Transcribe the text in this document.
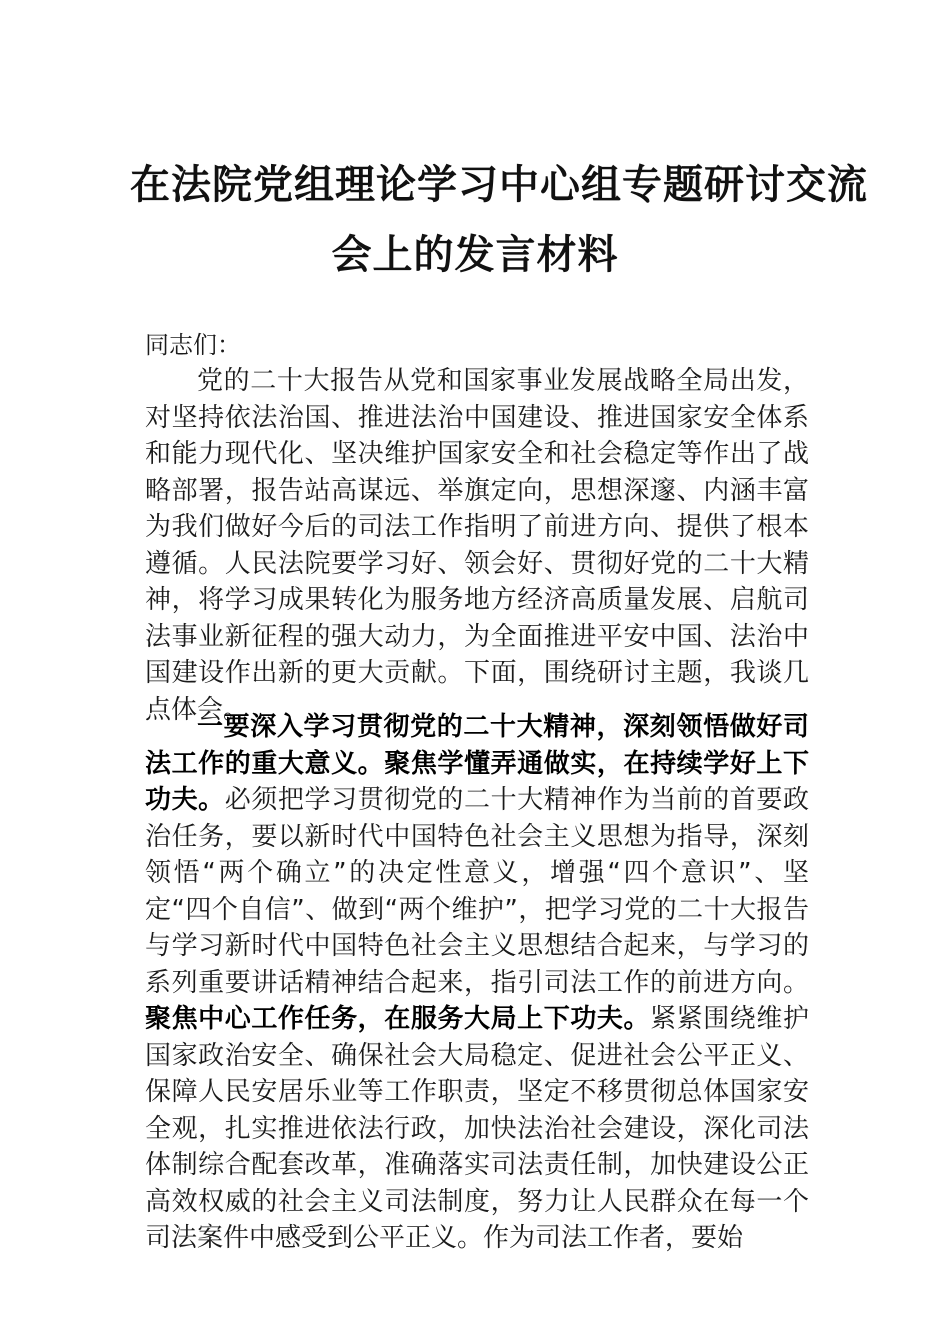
在法院党组理论学习中心组专题研讨交流
会上的发言材料

同志们：

党的二十大报告从党和国家事业发展战略全局出发，对坚持依法治国、推进法治中国建设、推进国家安全体系和能力现代化、坚决维护国家安全和社会稳定等作出了战略部署，报告站高谋远、举旗定向，思想深邃、内涵丰富为我们做好今后的司法工作指明了前进方向、提供了根本遵循。人民法院要学习好、领会好、贯彻好党的二十大精神，将学习成果转化为服务地方经济高质量发展、启航司法事业新征程的强大动力，为全面推进平安中国、法治中国建设作出新的更大贡献。下面，围绕研讨主题，我谈几点体会。

一要深入学习贯彻党的二十大精神，深刻领悟做好司法工作的重大意义。聚焦学懂弄通做实，在持续学好上下功夫。必须把学习贯彻党的二十大精神作为当前的首要政治任务，要以新时代中国特色社会主义思想为指导，深刻领悟“两个确立”的决定性意义，增强“四个意识”、坚定“四个自信”、做到“两个维护”，把学习党的二十大报告与学习新时代中国特色社会主义思想结合起来，与学习的系列重要讲话精神结合起来，指引司法工作的前进方向。聚焦中心工作任务，在服务大局上下功夫。紧紧围绕维护国家政治安全、确保社会大局稳定、促进社会公平正义、保障人民安居乐业等工作职责，坚定不移贯彻总体国家安全观，扎实推进依法行政，加快法治社会建设，深化司法体制综合配套改革，准确落实司法责任制，加快建设公正高效权威的社会主义司法制度，努力让人民群众在每一个司法案件中感受到公平正义。作为司法工作者，要始
